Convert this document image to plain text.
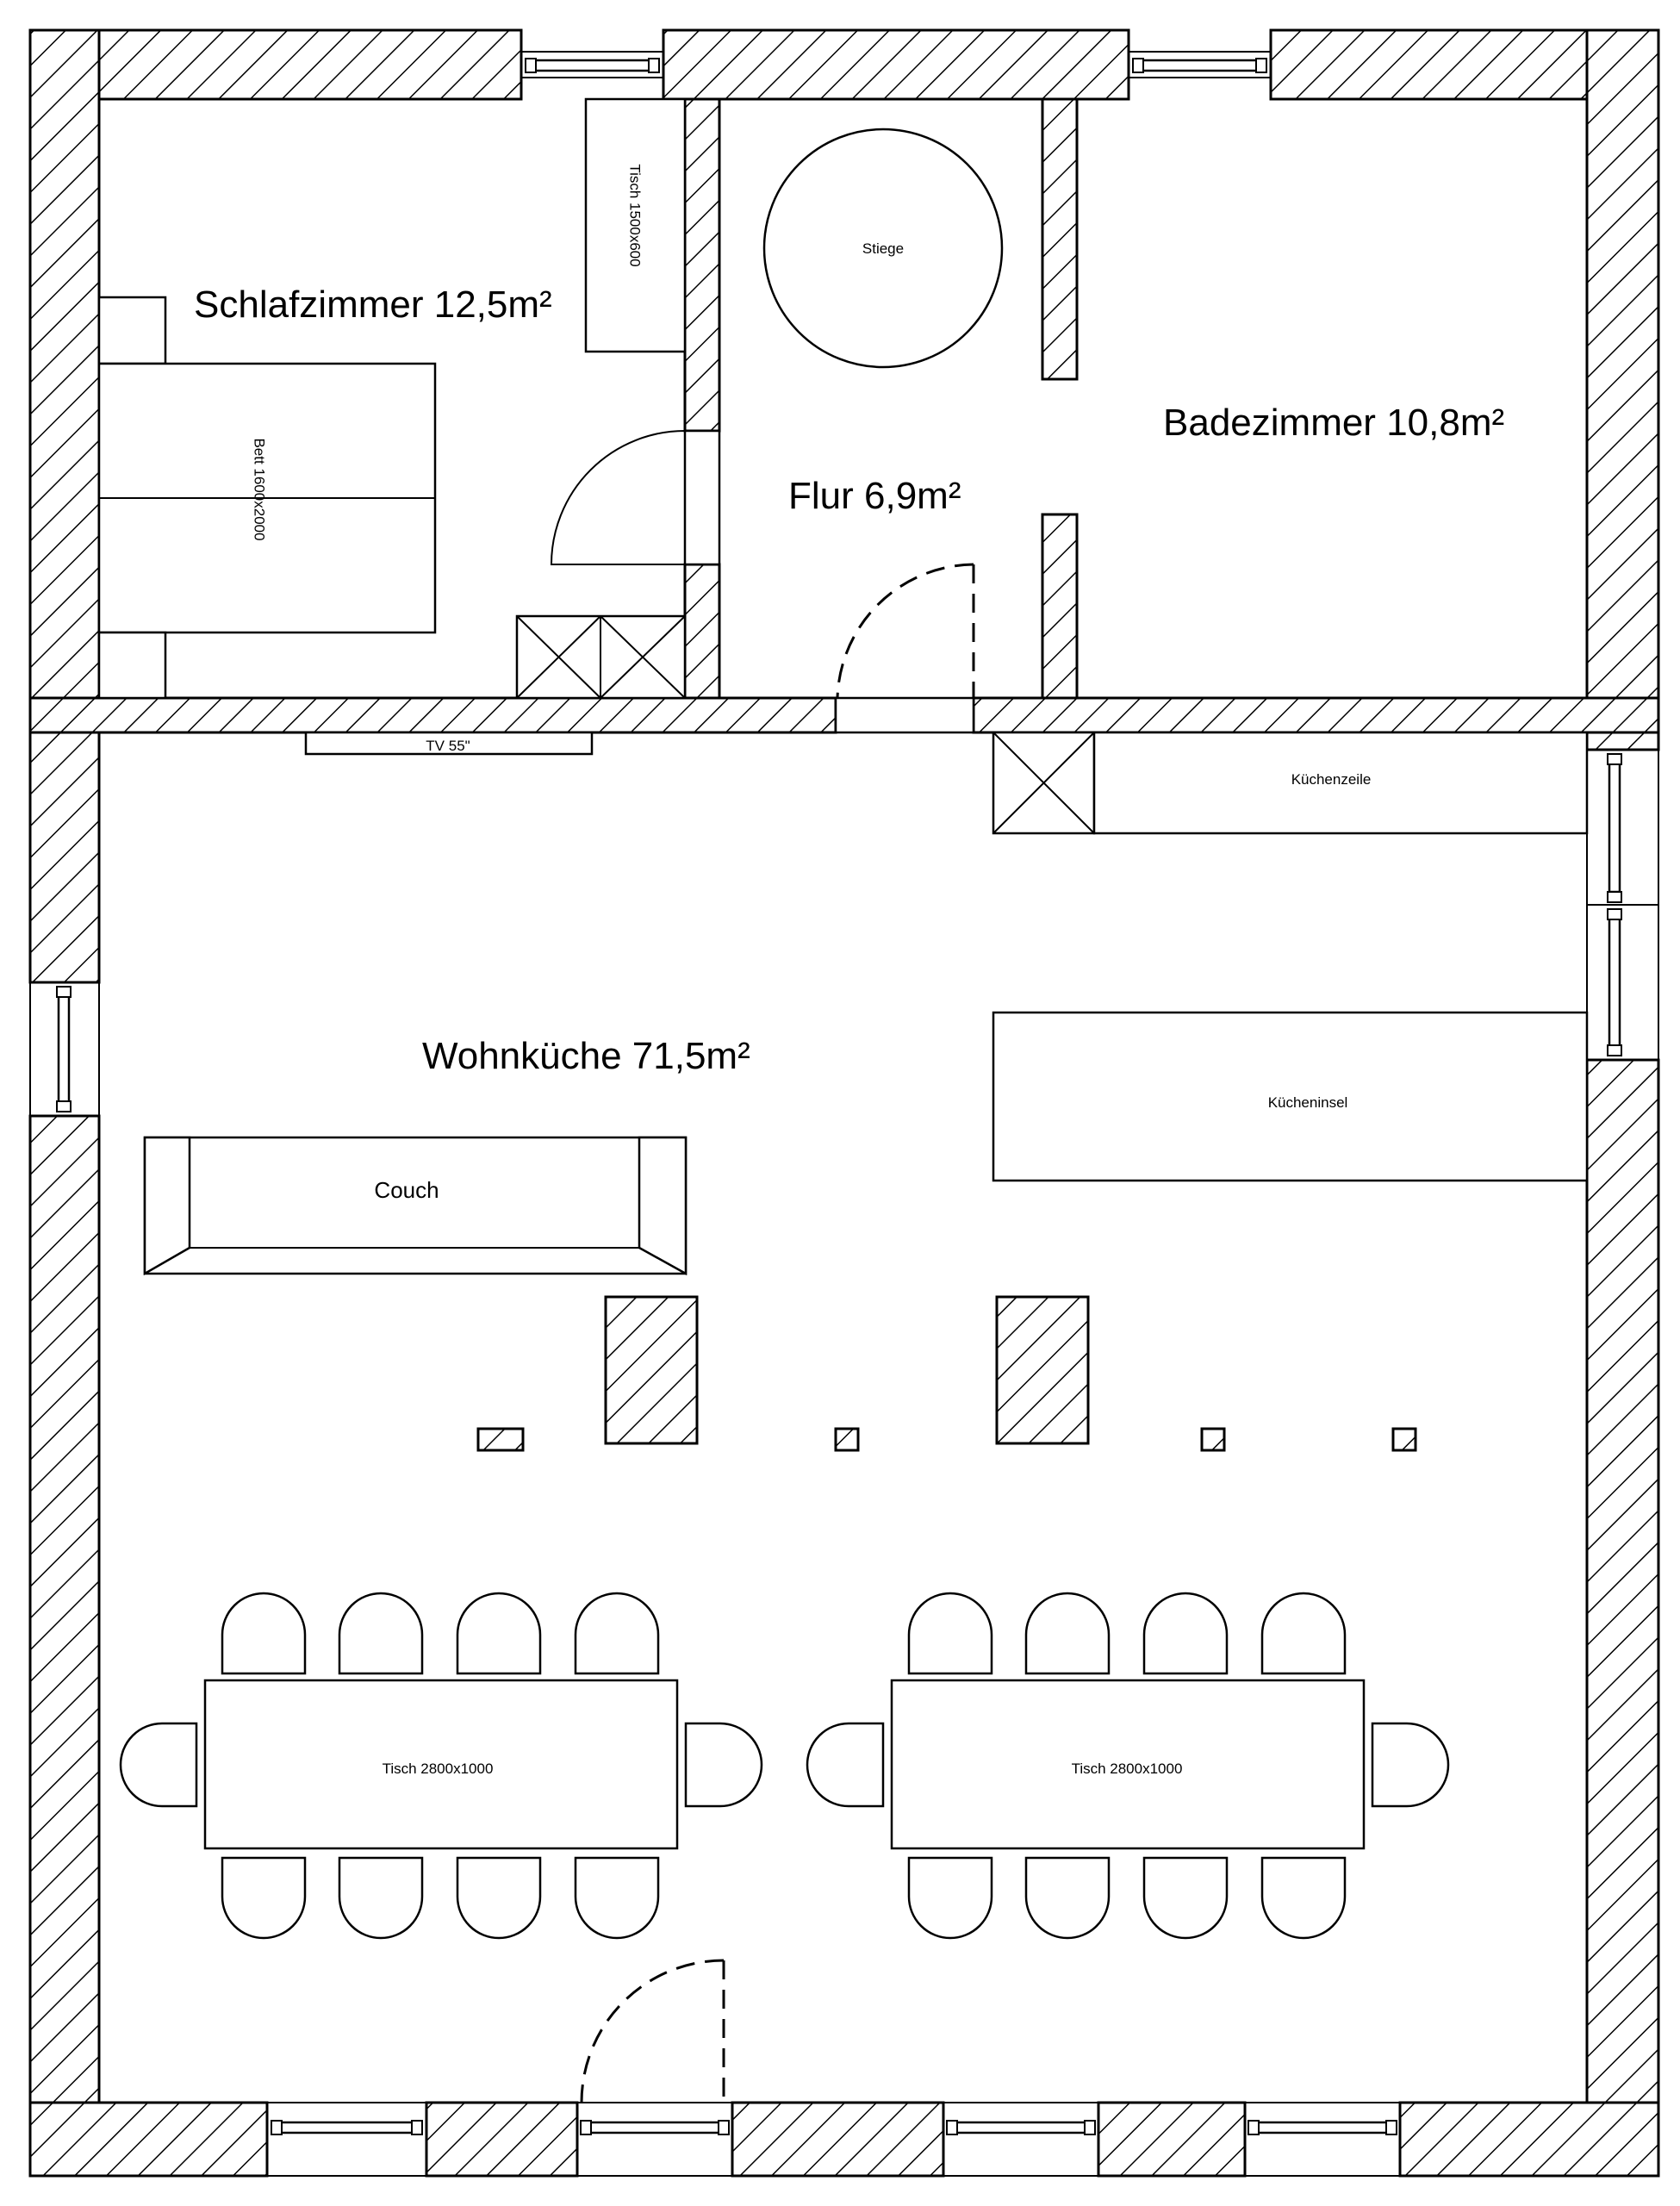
Tisch 1500x600
Bett 1600x2000
Schlafzimmer 12,5m²
Stiege
Flur 6,9m²
Badezimmer 10,8m²
TV 55"
Küchenzeile
Kücheninsel
Wohnküche 71,5m²
Couch
Tisch 2800x1000	Tisch 2800x1000
